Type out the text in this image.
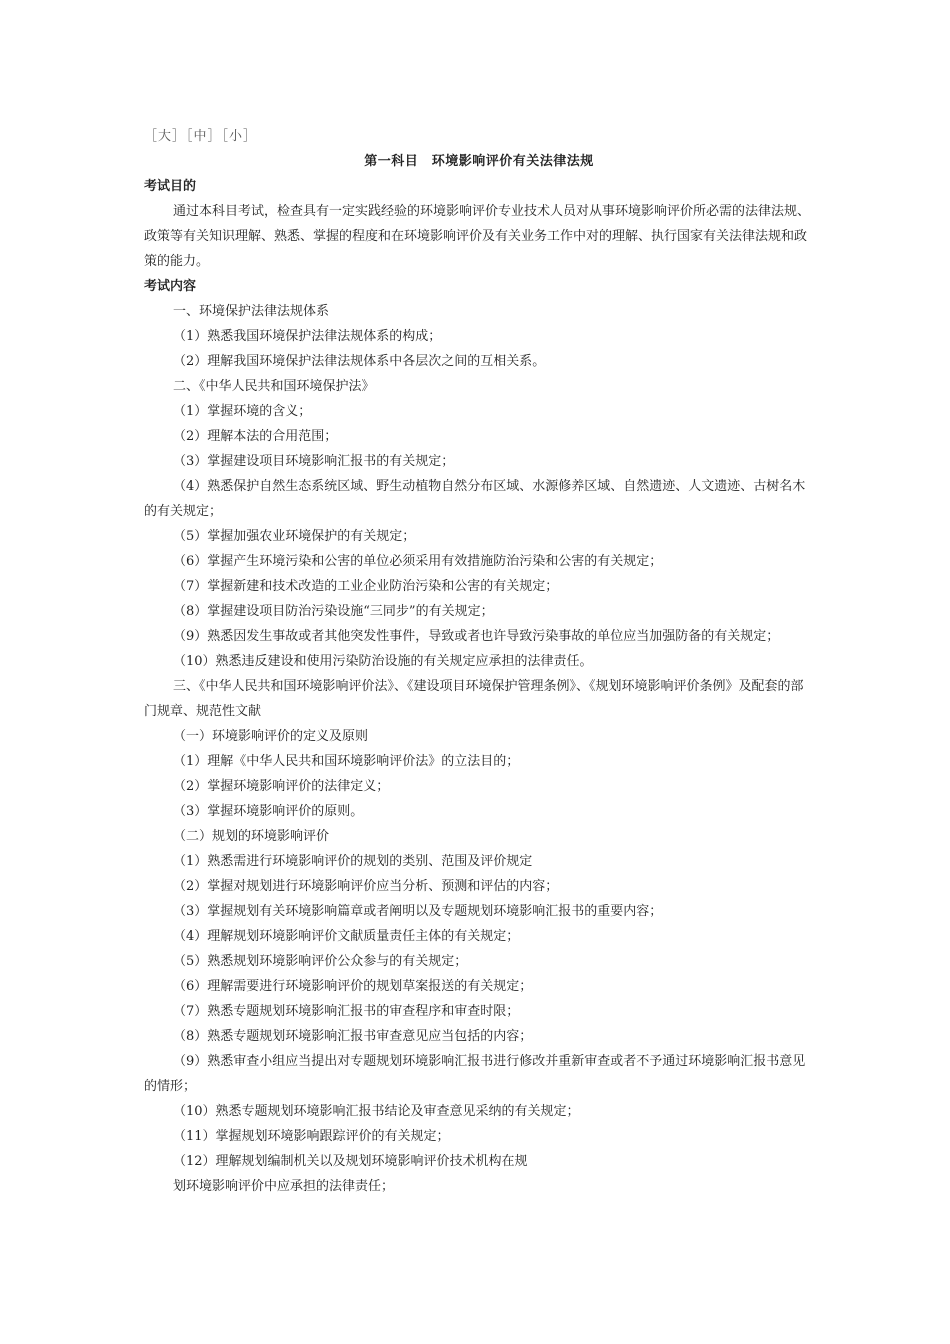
［大］［中］［小］

第一科目　环境影响评价有关法律法规

考试目的

通过本科目考试，检查具有一定实践经验的环境影响评价专业技术人员对从事环境影响评价所必需的法律法规、政策等有关知识理解、熟悉、掌握的程度和在环境影响评价及有关业务工作中对的理解、执行国家有关法律法规和政策的能力。

考试内容

一、环境保护法律法规体系

（1）熟悉我国环境保护法律法规体系的构成；

（2）理解我国环境保护法律法规体系中各层次之间的互相关系。

二、《中华人民共和国环境保护法》

（1）掌握环境的含义；

（2）理解本法的合用范围；

（3）掌握建设项目环境影响汇报书的有关规定；

（4）熟悉保护自然生态系统区域、野生动植物自然分布区域、水源修养区域、自然遗迹、人文遗迹、古树名木的有关规定；

（5）掌握加强农业环境保护的有关规定；

（6）掌握产生环境污染和公害的单位必须采用有效措施防治污染和公害的有关规定；

（7）掌握新建和技术改造的工业企业防治污染和公害的有关规定；

（8）掌握建设项目防治污染设施“三同步”的有关规定；

（9）熟悉因发生事故或者其他突发性事件，导致或者也许导致污染事故的单位应当加强防备的有关规定；

（10）熟悉违反建设和使用污染防治设施的有关规定应承担的法律责任。

三、《中华人民共和国环境影响评价法》、《建设项目环境保护管理条例》、《规划环境影响评价条例》及配套的部门规章、规范性文献

（一）环境影响评价的定义及原则

（1）理解《中华人民共和国环境影响评价法》的立法目的；

（2）掌握环境影响评价的法律定义；

（3）掌握环境影响评价的原则。

（二）规划的环境影响评价

（1）熟悉需进行环境影响评价的规划的类别、范围及评价规定

（2）掌握对规划进行环境影响评价应当分析、预测和评估的内容；

（3）掌握规划有关环境影响篇章或者阐明以及专题规划环境影响汇报书的重要内容；

（4）理解规划环境影响评价文献质量责任主体的有关规定；

（5）熟悉规划环境影响评价公众参与的有关规定；

（6）理解需要进行环境影响评价的规划草案报送的有关规定；

（7）熟悉专题规划环境影响汇报书的审查程序和审查时限；

（8）熟悉专题规划环境影响汇报书审查意见应当包括的内容；

（9）熟悉审查小组应当提出对专题规划环境影响汇报书进行修改并重新审查或者不予通过环境影响汇报书意见的情形；

（10）熟悉专题规划环境影响汇报书结论及审查意见采纳的有关规定；

（11）掌握规划环境影响跟踪评价的有关规定；

（12）理解规划编制机关以及规划环境影响评价技术机构在规

划环境影响评价中应承担的法律责任；
